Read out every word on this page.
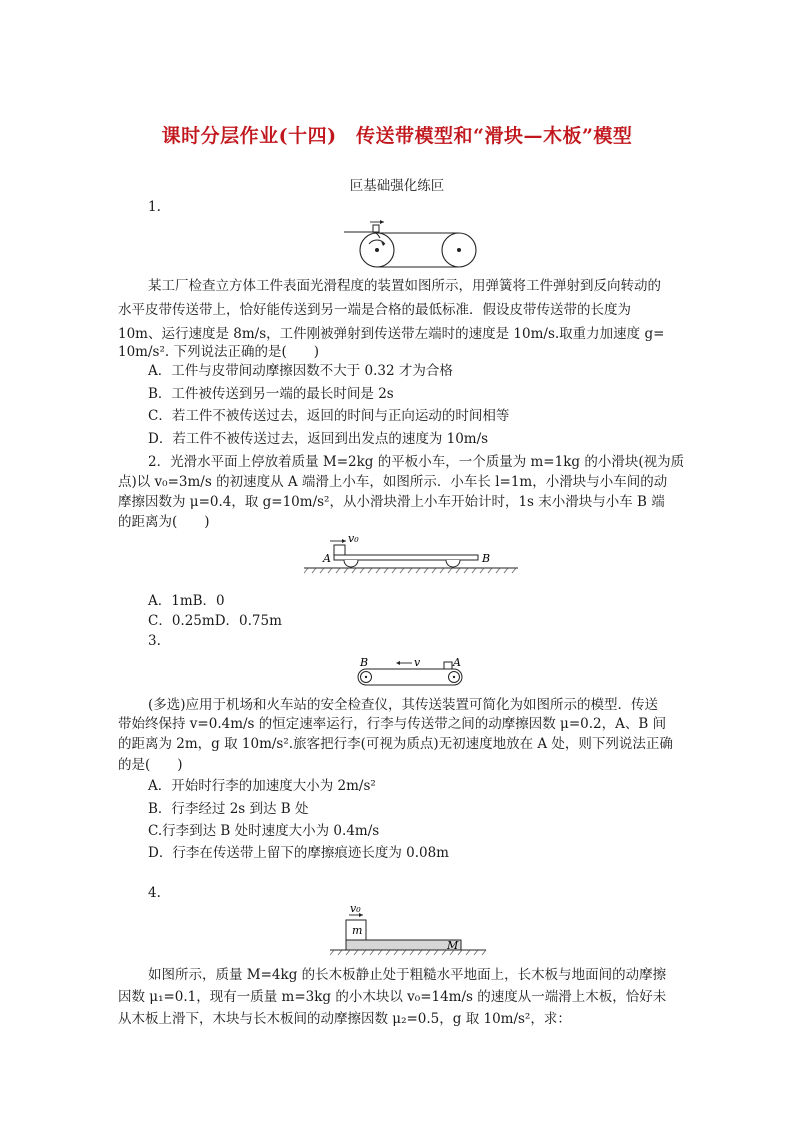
课时分层作业(十四)　传送带模型和“滑块—木板”模型
叵基础强化练叵
1.
某工厂检查立方体工件表面光滑程度的装置如图所示，用弹簧将工件弹射到反向转动的
水平皮带传送带上，恰好能传送到另一端是合格的最低标准．假设皮带传送带的长度为
10m、运行速度是 8m/s，工件刚被弹射到传送带左端时的速度是 10m/s.取重力加速度 g=
10m/s². 下列说法正确的是(　　)
A．工件与皮带间动摩擦因数不大于 0.32 才为合格
B．工件被传送到另一端的最长时间是 2s
C．若工件不被传送过去，返回的时间与正向运动的时间相等
D．若工件不被传送过去，返回到出发点的速度为 10m/s
2．光滑水平面上停放着质量 M=2kg 的平板小车，一个质量为 m=1kg 的小滑块(视为质
点)以 v₀=3m/s 的初速度从 A 端滑上小车，如图所示．小车长 l=1m，小滑块与小车间的动
摩擦因数为 μ=0.4，取 g=10m/s²，从小滑块滑上小车开始计时，1s 末小滑块与小车 B 端
的距离为(　　)
v₀
A	B
A．1mB．0
C．0.25mD．0.75m
3.
B	A
v
(多选)应用于机场和火车站的安全检查仪，其传送装置可简化为如图所示的模型．传送
带始终保持 v=0.4m/s 的恒定速率运行，行李与传送带之间的动摩擦因数 μ=0.2，A、B 间
的距离为 2m，g 取 10m/s².旅客把行李(可视为质点)无初速度地放在 A 处，则下列说法正确
的是(　　)
A．开始时行李的加速度大小为 2m/s²
B．行李经过 2s 到达 B 处
C.行李到达 B 处时速度大小为 0.4m/s
D．行李在传送带上留下的摩擦痕迹长度为 0.08m
4.
v₀
m
M
如图所示，质量 M=4kg 的长木板静止处于粗糙水平地面上，长木板与地面间的动摩擦
因数 μ₁=0.1，现有一质量 m=3kg 的小木块以 v₀=14m/s 的速度从一端滑上木板，恰好未
从木板上滑下，木块与长木板间的动摩擦因数 μ₂=0.5，g 取 10m/s²，求：
